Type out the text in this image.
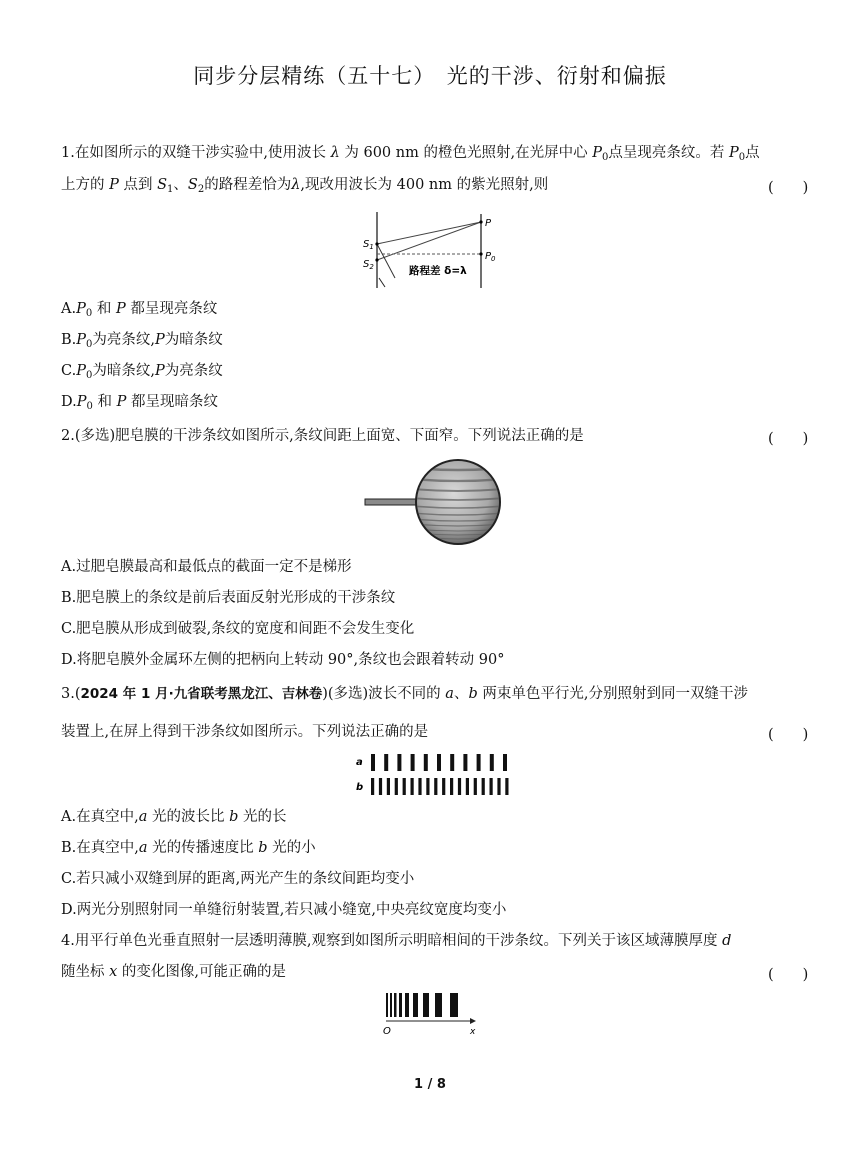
同步分层精练（五十七）　光的干涉、衍射和偏振
1.在如图所示的双缝干涉实验中,使用波长 λ 为 600 nm 的橙色光照射,在光屏中心 $P_0$点呈现亮条纹。若 $P_0$点
上方的 P 点到 $S_1$、$S_2$的路程差恰为λ,现改用波长为 400 nm 的紫光照射,则	(　　)
$S_1$
$S_2$
P
$P_0$
路程差 δ=λ
$A.P_0$ 和 P 都呈现亮条纹
$B.P_0$为亮条纹,P为暗条纹
$C.P_0$为暗条纹,P为亮条纹
$D.P_0$ 和 P 都呈现暗条纹
2.(多选)肥皂膜的干涉条纹如图所示,条纹间距上面宽、下面窄。下列说法正确的是	(　　)
A.过肥皂膜最高和最低点的截面一定不是梯形
B.肥皂膜上的条纹是前后表面反射光形成的干涉条纹
C.肥皂膜从形成到破裂,条纹的宽度和间距不会发生变化
D.将肥皂膜外金属环左侧的把柄向上转动 90°,条纹也会跟着转动 90°
3.(2024 年 1 月·九省联考黑龙江、吉林卷)(多选)波长不同的 a、b 两束单色平行光,分别照射到同一双缝干涉
装置上,在屏上得到干涉条纹如图所示。下列说法正确的是	(　　)
a
b
A.在真空中,a 光的波长比 b 光的长
B.在真空中,a 光的传播速度比 b 光的小
C.若只减小双缝到屏的距离,两光产生的条纹间距均变小
D.两光分别照射同一单缝衍射装置,若只减小缝宽,中央亮纹宽度均变小
4.用平行单色光垂直照射一层透明薄膜,观察到如图所示明暗相间的干涉条纹。下列关于该区域薄膜厚度 d
随坐标 x 的变化图像,可能正确的是	(　　)
O	x
1 / 8
